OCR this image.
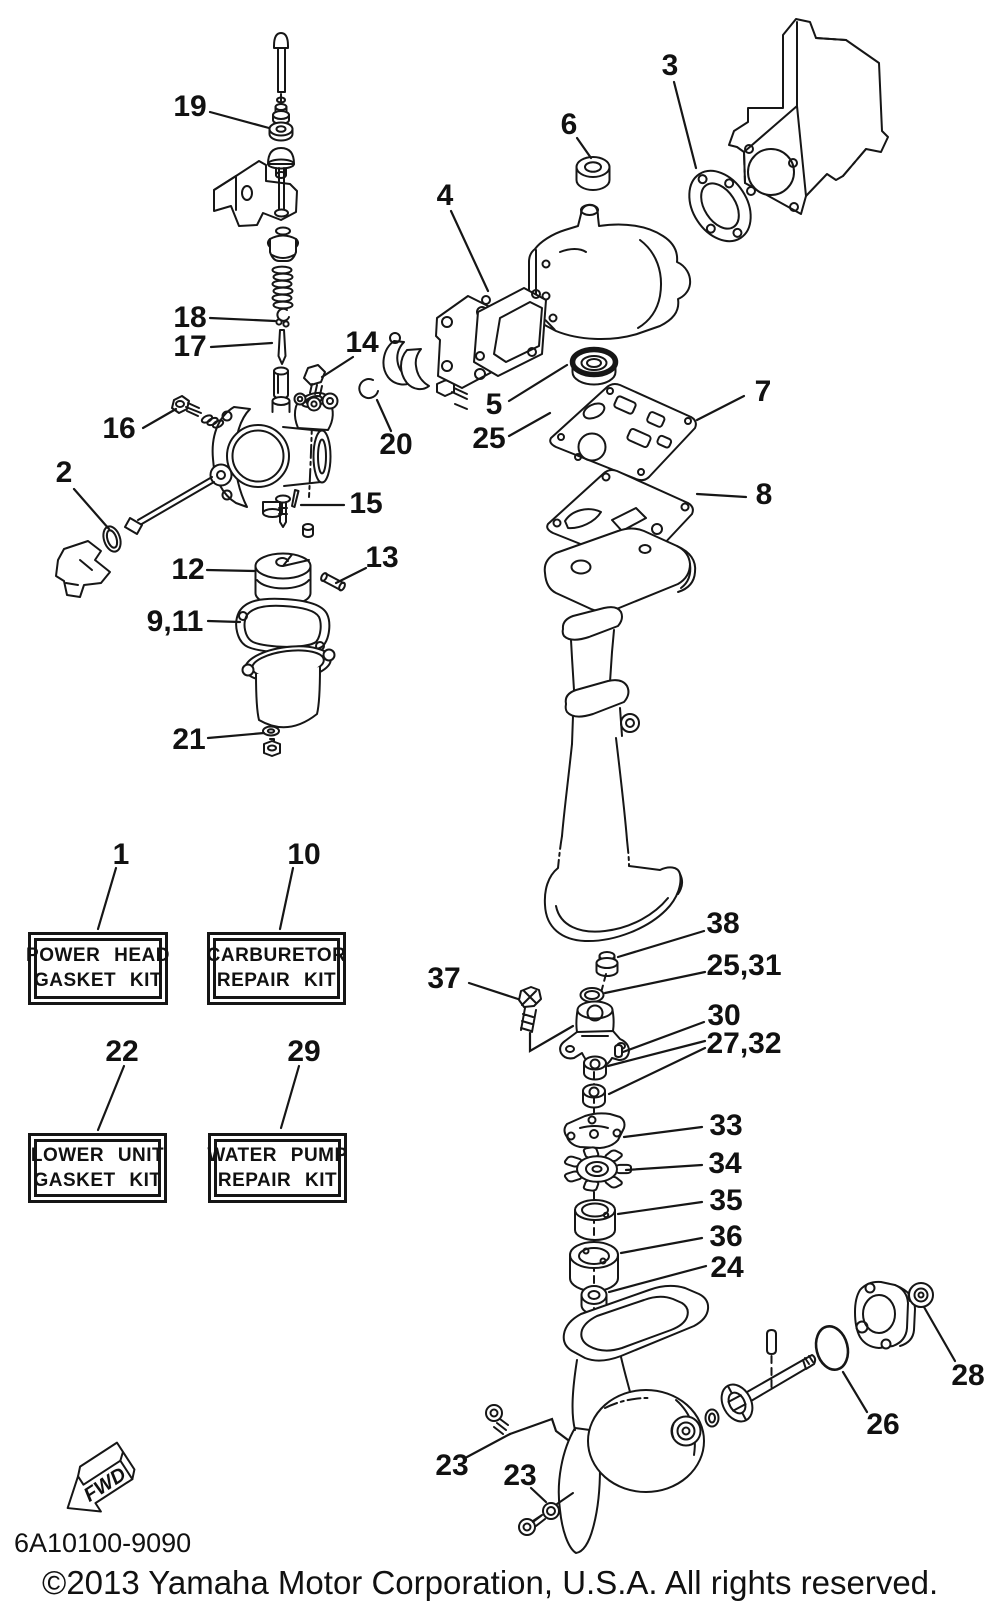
FWD
19
18
17
16
14
20
2
15
12	13
9,11
21
6
3
4
5
25
7
8
1	10
22	29
38
25,31
30
27,32
33
34
35
36
24
37
23 23
26
28
POWER HEAD
GASKET KIT
CARBURETOR
REPAIR KIT
LOWER UNIT
GASKET KIT
WATER PUMP
REPAIR KIT
6A10100-9090
©2013 Yamaha Motor Corporation, U.S.A. All rights reserved.
